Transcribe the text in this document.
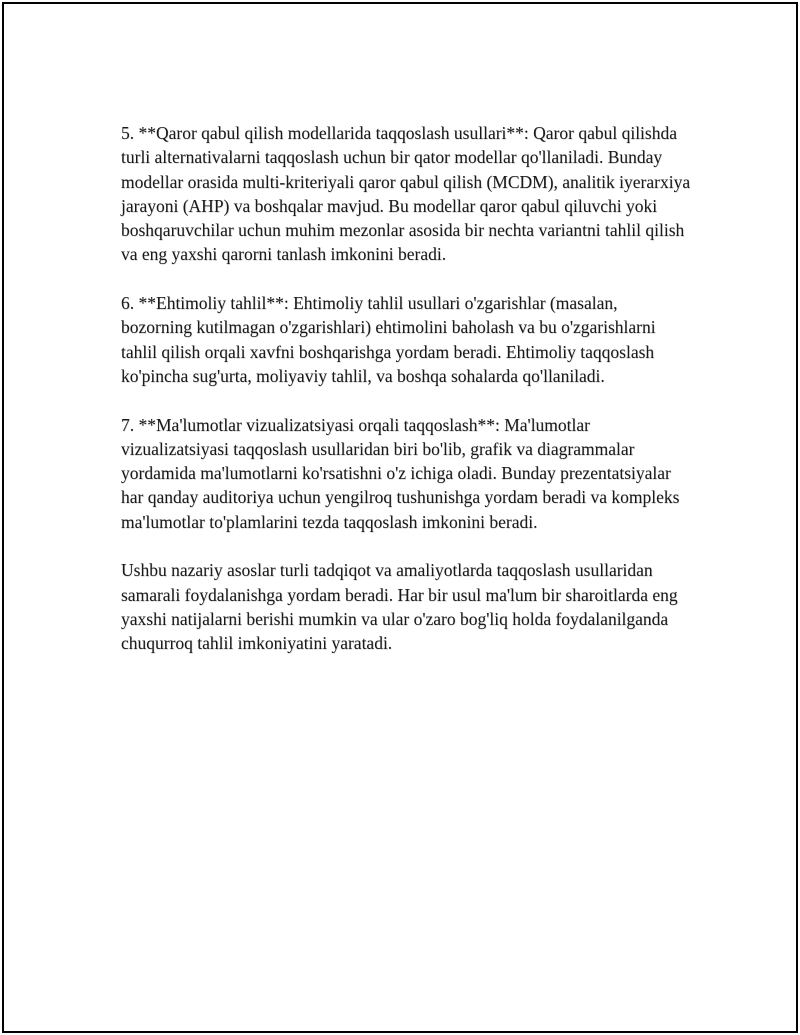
5. **Qaror qabul qilish modellarida taqqoslash usullari**: Qaror qabul qilishda turli alternativalarni taqqoslash uchun bir qator modellar qo'llaniladi. Bunday modellar orasida multi-kriteriyali qaror qabul qilish (MCDM), analitik iyerarxiya jarayoni (AHP) va boshqalar mavjud. Bu modellar qaror qabul qiluvchi yoki boshqaruvchilar uchun muhim mezonlar asosida bir nechta variantni tahlil qilish va eng yaxshi qarorni tanlash imkonini beradi.

6. **Ehtimoliy tahlil**: Ehtimoliy tahlil usullari o'zgarishlar (masalan, bozorning kutilmagan o'zgarishlari) ehtimolini baholash va bu o'zgarishlarni tahlil qilish orqali xavfni boshqarishga yordam beradi. Ehtimoliy taqqoslash ko'pincha sug'urta, moliyaviy tahlil, va boshqa sohalarda qo'llaniladi.

7. **Ma'lumotlar vizualizatsiyasi orqali taqqoslash**: Ma'lumotlar vizualizatsiyasi taqqoslash usullaridan biri bo'lib, grafik va diagrammalar yordamida ma'lumotlarni ko'rsatishni o'z ichiga oladi. Bunday prezentatsiyalar har qanday auditoriya uchun yengilroq tushunishga yordam beradi va kompleks ma'lumotlar to'plamlarini tezda taqqoslash imkonini beradi.

Ushbu nazariy asoslar turli tadqiqot va amaliyotlarda taqqoslash usullaridan samarali foydalanishga yordam beradi. Har bir usul ma'lum bir sharoitlarda eng yaxshi natijalarni berishi mumkin va ular o'zaro bog'liq holda foydalanilganda chuqurroq tahlil imkoniyatini yaratadi.
